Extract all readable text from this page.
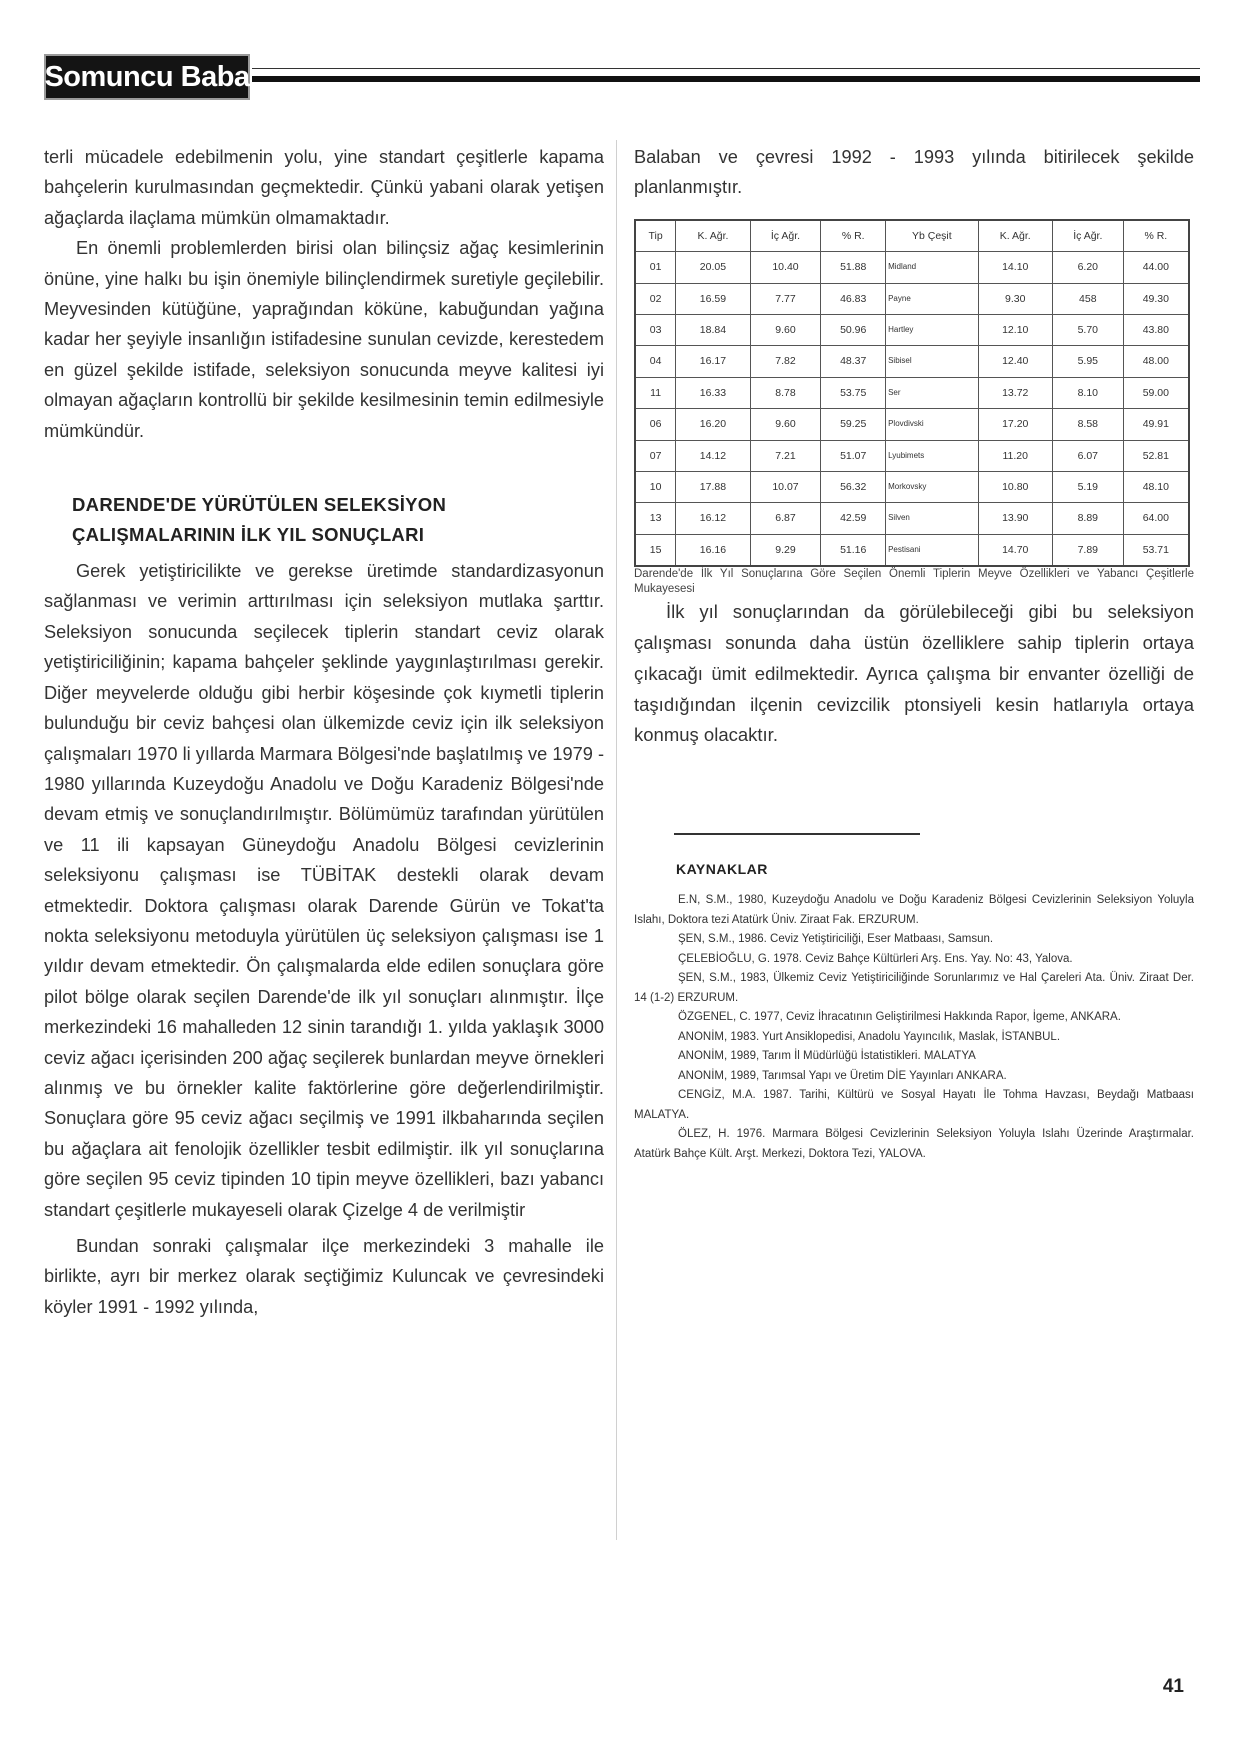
Somuncu Baba

terli mücadele edebilmenin yolu, yine standart çeşitlerle kapama bahçelerin kurulmasından geçmektedir. Çünkü yabani olarak yetişen ağaçlarda ilaçlama mümkün olmamaktadır.

En önemli problemlerden birisi olan bilinçsiz ağaç kesimlerinin önüne, yine halkı bu işin önemiyle bilinçlendirmek suretiyle geçilebilir. Meyvesinden kütüğüne, yaprağından köküne, kabuğundan yağına kadar her şeyiyle insanlığın istifadesine sunulan cevizde, kerestedem en güzel şekilde istifade, seleksiyon sonucunda meyve kalitesi iyi olmayan ağaçların kontrollü bir şekilde kesilmesinin temin edilmesiyle mümkündür.

DARENDE'DE YÜRÜTÜLEN SELEKSİYON
ÇALIŞMALARININ İLK YIL SONUÇLARI

Gerek yetiştiricilikte ve gerekse üretimde standardizasyonun sağlanması ve verimin arttırılması için seleksiyon mutlaka şarttır. Seleksiyon sonucunda seçilecek tiplerin standart ceviz olarak yetiştiriciliğinin; kapama bahçeler şeklinde yaygınlaştırılması gerekir. Diğer meyvelerde olduğu gibi herbir köşesinde çok kıymetli tiplerin bulunduğu bir ceviz bahçesi olan ülkemizde ceviz için ilk seleksiyon çalışmaları 1970 li yıllarda Marmara Bölgesi'nde başlatılmış ve 1979 - 1980 yıllarında Kuzeydoğu Anadolu ve Doğu Karadeniz Bölgesi'nde devam etmiş ve sonuçlandırılmıştır. Bölümümüz tarafından yürütülen ve 11 ili kapsayan Güneydoğu Anadolu Bölgesi cevizlerinin seleksiyonu çalışması ise TÜBİTAK destekli olarak devam etmektedir. Doktora çalışması olarak Darende Gürün ve Tokat'ta nokta seleksiyonu metoduyla yürütülen üç seleksiyon çalışması ise 1 yıldır devam etmektedir. Ön çalışmalarda elde edilen sonuçlara göre pilot bölge olarak seçilen Darende'de ilk yıl sonuçları alınmıştır. İlçe merkezindeki 16 mahalleden 12 sinin tarandığı 1. yılda yaklaşık 3000 ceviz ağacı içerisinden 200 ağaç seçilerek bunlardan meyve örnekleri alınmış ve bu örnekler kalite faktörlerine göre değerlendirilmiştir. Sonuçlara göre 95 ceviz ağacı seçilmiş ve 1991 ilkbaharında seçilen bu ağaçlara ait fenolojik özellikler tesbit edilmiştir. ilk yıl sonuçlarına göre seçilen 95 ceviz tipinden 10 tipin meyve özellikleri, bazı yabancı standart çeşitlerle mukayeseli olarak Çizelge 4 de verilmiştir

Bundan sonraki çalışmalar ilçe merkezindeki 3 mahalle ile birlikte, ayrı bir merkez olarak seçtiğimiz Kuluncak ve çevresindeki köyler 1991 - 1992 yılında,

Balaban ve çevresi 1992 - 1993 yılında bitirilecek şekilde planlanmıştır.

Tip	K. Ağr.	İç Ağr.	% R.	Yb Çeşit	K. Ağr.	İç Ağr.	% R.
01	20.05	10.40	51.88	Midland	14.10	6.20	44.00
02	16.59	7.77	46.83	Payne	9.30	458	49.30
03	18.84	9.60	50.96	Hartley	12.10	5.70	43.80
04	16.17	7.82	48.37	Sibisel	12.40	5.95	48.00
11	16.33	8.78	53.75	Ser	13.72	8.10	59.00
06	16.20	9.60	59.25	Plovdivski	17.20	8.58	49.91
07	14.12	7.21	51.07	Lyubimets	11.20	6.07	52.81
10	17.88	10.07	56.32	Morkovsky	10.80	5.19	48.10
13	16.12	6.87	42.59	Silven	13.90	8.89	64.00
15	16.16	9.29	51.16	Pestisani	14.70	7.89	53.71

Darende'de İlk Yıl Sonuçlarına Göre Seçilen Önemli Tiplerin Meyve Özellikleri ve Yabancı Çeşitlerle Mukayesesi

İlk yıl sonuçlarından da görülebileceği gibi bu seleksiyon çalışması sonunda daha üstün özelliklere sahip tiplerin ortaya çıkacağı ümit edilmektedir. Ayrıca çalışma bir envanter özelliği de taşıdığından ilçenin cevizcilik ptonsiyeli kesin hatlarıyla ortaya konmuş olacaktır.

KAYNAKLAR

E.N, S.M., 1980, Kuzeydoğu Anadolu ve Doğu Karadeniz Bölgesi Cevizlerinin Seleksiyon Yoluyla Islahı, Doktora tezi Atatürk Üniv. Ziraat Fak. ERZURUM.

ŞEN, S.M., 1986. Ceviz Yetiştiriciliği, Eser Matbaası, Samsun.

ÇELEBİOĞLU, G. 1978. Ceviz Bahçe Kültürleri Arş. Ens. Yay. No: 43, Yalova.

ŞEN, S.M., 1983, Ülkemiz Ceviz Yetiştiriciliğinde Sorunlarımız ve Hal Çareleri Ata. Üniv. Ziraat Der. 14 (1-2) ERZURUM.

ÖZGENEL, C. 1977, Ceviz İhracatının Geliştirilmesi Hakkında Rapor, İgeme, ANKARA.

ANONİM, 1983. Yurt Ansiklopedisi, Anadolu Yayıncılık, Maslak, İSTANBUL.

ANONİM, 1989, Tarım İl Müdürlüğü İstatistikleri. MALATYA

ANONİM, 1989, Tarımsal Yapı ve Üretim DİE Yayınları ANKARA.

CENGİZ, M.A. 1987. Tarihi, Kültürü ve Sosyal Hayatı İle Tohma Havzası, Beydağı Matbaası MALATYA.

ÖLEZ, H. 1976. Marmara Bölgesi Cevizlerinin Seleksiyon Yoluyla Islahı Üzerinde Araştırmalar. Atatürk Bahçe Kült. Arşt. Merkezi, Doktora Tezi, YALOVA.

41
